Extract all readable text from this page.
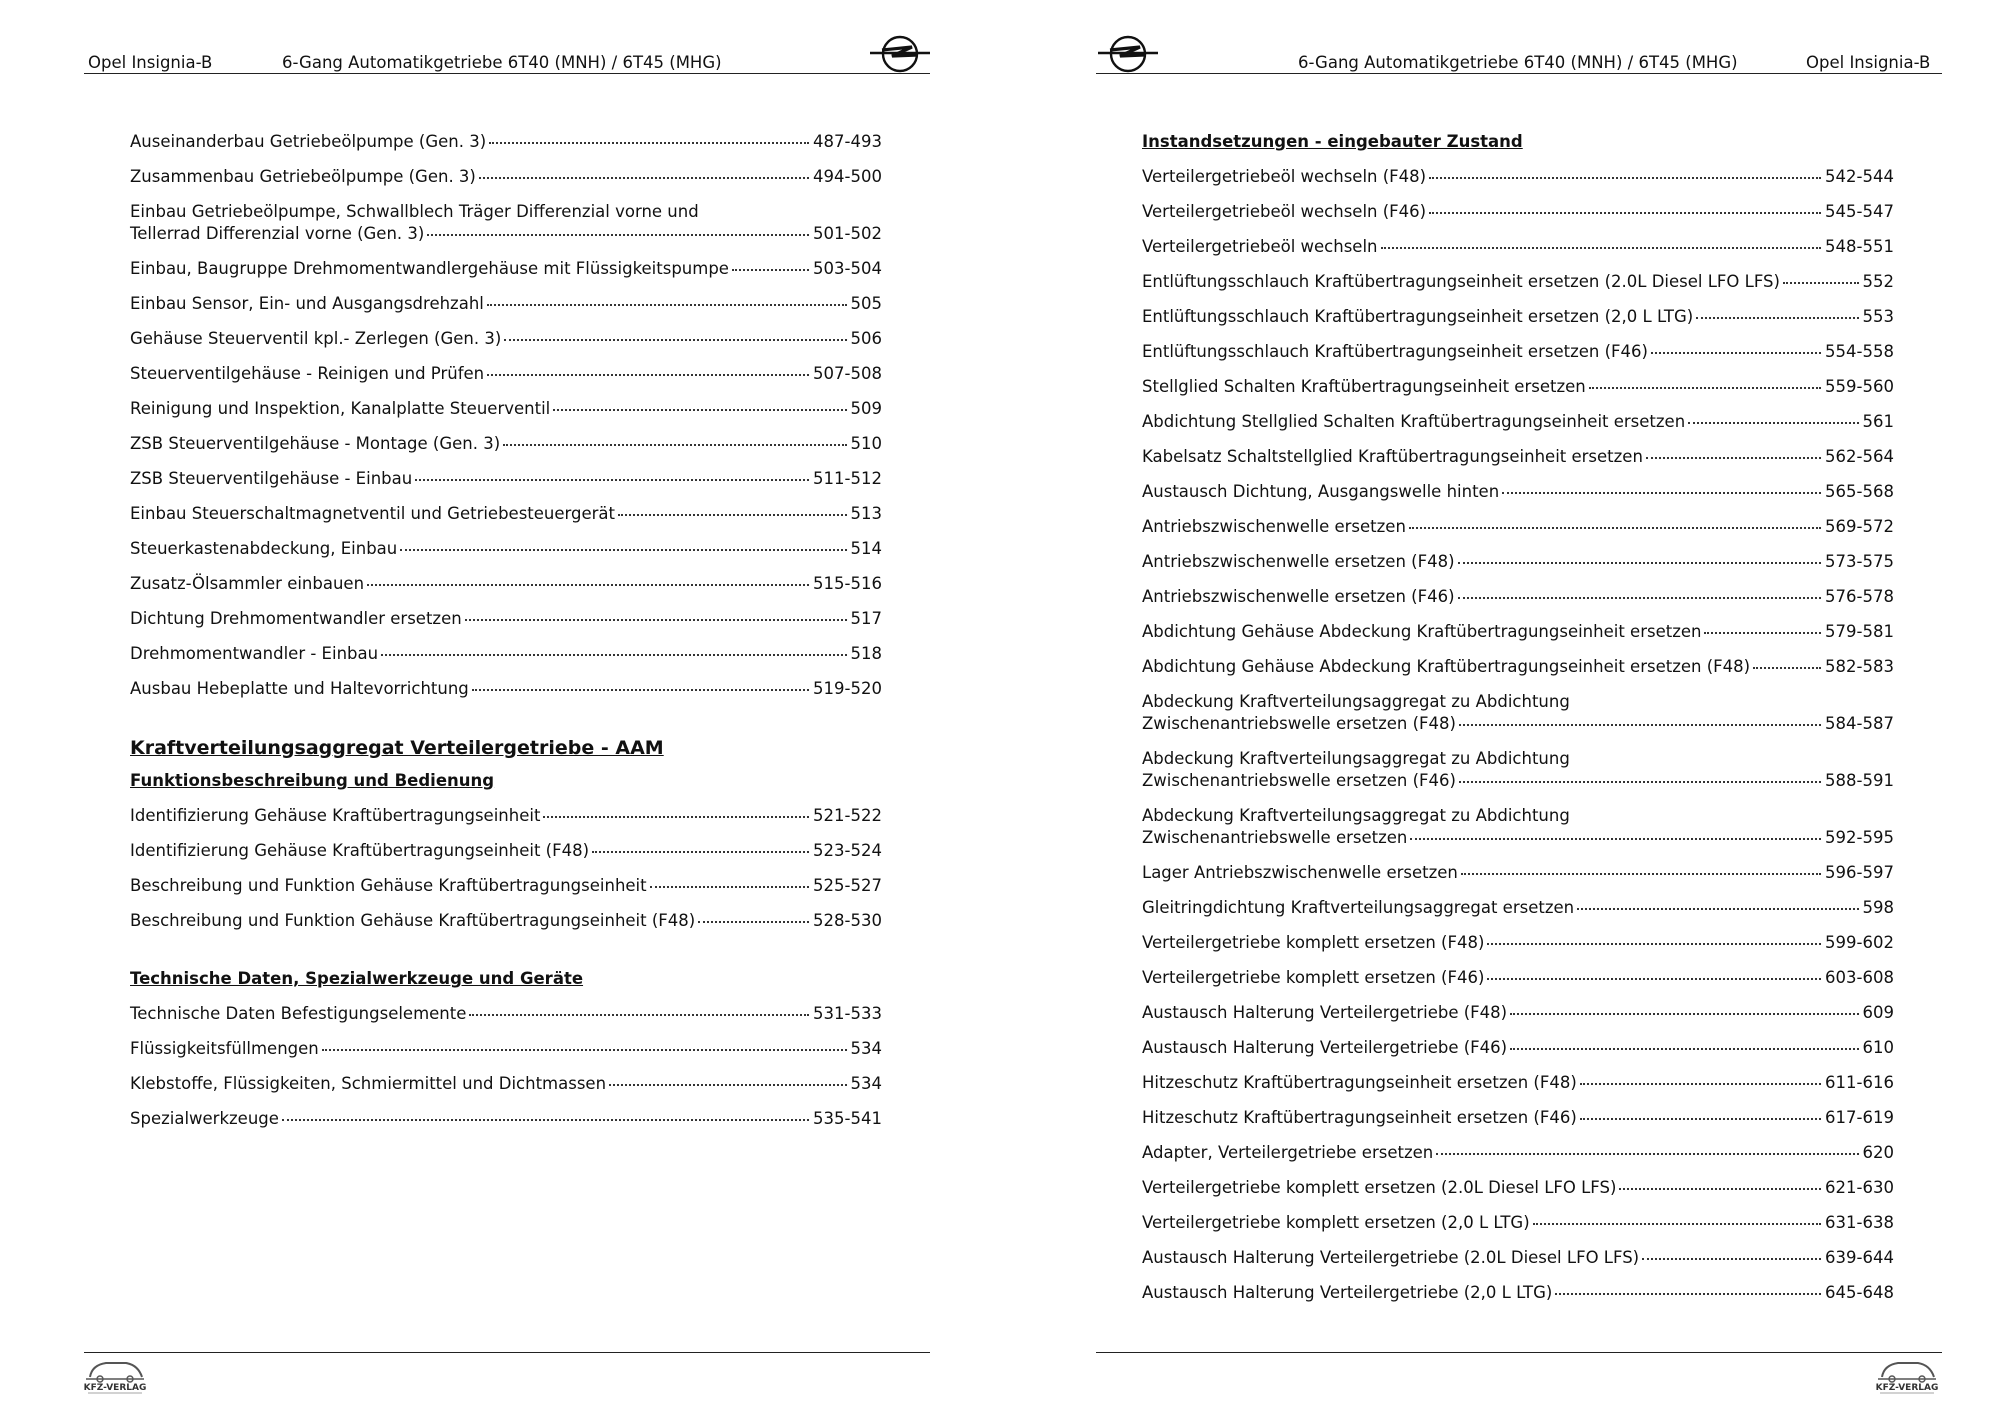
Opel Insignia-B	6-Gang Automatikgetriebe 6T40 (MNH) / 6T45 (MHG)
Auseinanderbau Getriebeölpumpe (Gen. 3)	487-493
Zusammenbau Getriebeölpumpe (Gen. 3)	494-500
Einbau Getriebeölpumpe, Schwallblech Träger Differenzial vorne und
Tellerrad Differenzial vorne (Gen. 3)	501-502
Einbau, Baugruppe Drehmomentwandlergehäuse mit Flüssigkeitspumpe	503-504
Einbau Sensor, Ein- und Ausgangsdrehzahl	505
Gehäuse Steuerventil kpl.- Zerlegen (Gen. 3)	506
Steuerventilgehäuse - Reinigen und Prüfen	507-508
Reinigung und Inspektion, Kanalplatte Steuerventil	509
ZSB Steuerventilgehäuse - Montage (Gen. 3)	510
ZSB Steuerventilgehäuse - Einbau	511-512
Einbau Steuerschaltmagnetventil und Getriebesteuergerät	513
Steuerkastenabdeckung, Einbau	514
Zusatz-Ölsammler einbauen	515-516
Dichtung Drehmomentwandler ersetzen	517
Drehmomentwandler - Einbau	518
Ausbau Hebeplatte und Haltevorrichtung	519-520
Kraftverteilungsaggregat Verteilergetriebe - AAM
Funktionsbeschreibung und Bedienung
Identifizierung Gehäuse Kraftübertragungseinheit	521-522
Identifizierung Gehäuse Kraftübertragungseinheit (F48)	523-524
Beschreibung und Funktion Gehäuse Kraftübertragungseinheit	525-527
Beschreibung und Funktion Gehäuse Kraftübertragungseinheit (F48)	528-530
Technische Daten, Spezialwerkzeuge und Geräte
Technische Daten Befestigungselemente	531-533
Flüssigkeitsfüllmengen	534
Klebstoffe, Flüssigkeiten, Schmiermittel und Dichtmassen	534
Spezialwerkzeuge	535-541
KFZ-VERLAG
6-Gang Automatikgetriebe 6T40 (MNH) / 6T45 (MHG)	Opel Insignia-B
Instandsetzungen - eingebauter Zustand
Verteilergetriebeöl wechseln (F48)	542-544
Verteilergetriebeöl wechseln (F46)	545-547
Verteilergetriebeöl wechseln	548-551
Entlüftungsschlauch Kraftübertragungseinheit ersetzen (2.0L Diesel LFO LFS)	552
Entlüftungsschlauch Kraftübertragungseinheit ersetzen (2,0 L LTG)	553
Entlüftungsschlauch Kraftübertragungseinheit ersetzen (F46)	554-558
Stellglied Schalten Kraftübertragungseinheit ersetzen	559-560
Abdichtung Stellglied Schalten Kraftübertragungseinheit ersetzen	561
Kabelsatz Schaltstellglied Kraftübertragungseinheit ersetzen	562-564
Austausch Dichtung, Ausgangswelle hinten	565-568
Antriebszwischenwelle ersetzen	569-572
Antriebszwischenwelle ersetzen (F48)	573-575
Antriebszwischenwelle ersetzen (F46)	576-578
Abdichtung Gehäuse Abdeckung Kraftübertragungseinheit ersetzen	579-581
Abdichtung Gehäuse Abdeckung Kraftübertragungseinheit ersetzen (F48)	582-583
Abdeckung Kraftverteilungsaggregat zu Abdichtung
Zwischenantriebswelle ersetzen (F48)	584-587
Abdeckung Kraftverteilungsaggregat zu Abdichtung
Zwischenantriebswelle ersetzen (F46)	588-591
Abdeckung Kraftverteilungsaggregat zu Abdichtung
Zwischenantriebswelle ersetzen	592-595
Lager Antriebszwischenwelle ersetzen	596-597
Gleitringdichtung Kraftverteilungsaggregat ersetzen	598
Verteilergetriebe komplett ersetzen (F48)	599-602
Verteilergetriebe komplett ersetzen (F46)	603-608
Austausch Halterung Verteilergetriebe (F48)	609
Austausch Halterung Verteilergetriebe (F46)	610
Hitzeschutz Kraftübertragungseinheit ersetzen (F48)	611-616
Hitzeschutz Kraftübertragungseinheit ersetzen (F46)	617-619
Adapter, Verteilergetriebe ersetzen	620
Verteilergetriebe komplett ersetzen (2.0L Diesel LFO LFS)	621-630
Verteilergetriebe komplett ersetzen (2,0 L LTG)	631-638
Austausch Halterung Verteilergetriebe (2.0L Diesel LFO LFS)	639-644
Austausch Halterung Verteilergetriebe (2,0 L LTG)	645-648
KFZ-VERLAG
